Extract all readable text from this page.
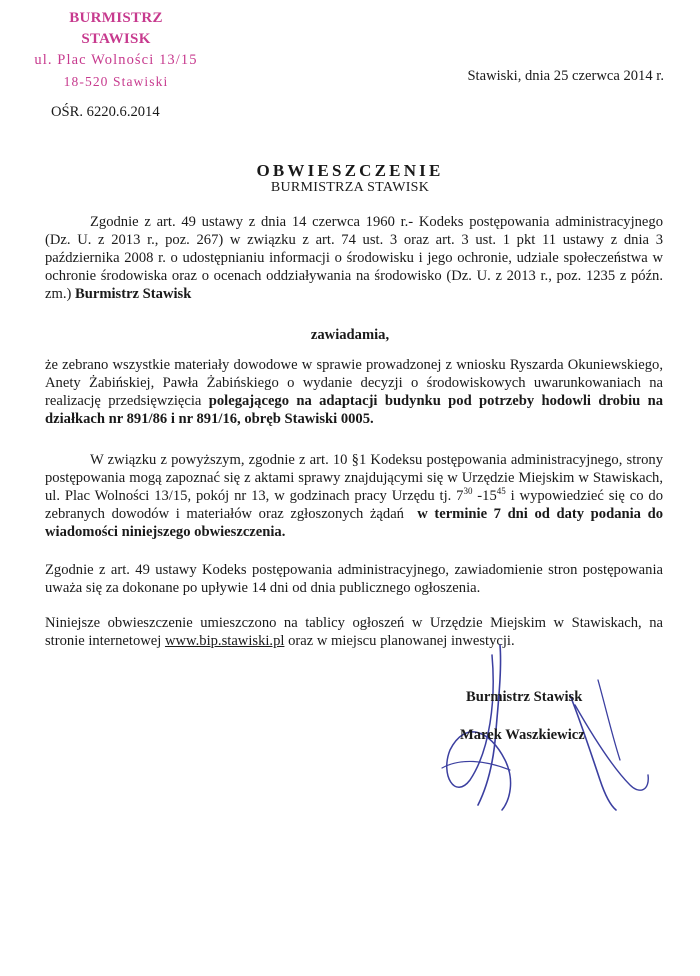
BURMISTRZ STAWISK
ul. Plac Wolności 13/15
18-520 Stawiski	Stawiski, dnia 25 czerwca 2014 r.
OŚR. 6220.6.2014
OBWIESZCZENIE
BURMISTRZA STAWISK
Zgodnie z art. 49 ustawy z dnia 14 czerwca 1960 r.- Kodeks postępowania administracyjnego (Dz. U. z 2013 r., poz. 267) w związku z art. 74 ust. 3 oraz art. 3 ust. 1 pkt 11 ustawy z dnia 3 października 2008 r. o udostępnianiu informacji o środowisku i jego ochronie, udziale społeczeństwa w ochronie środowiska oraz o ocenach oddziaływania na środowisko (Dz. U. z 2013 r., poz. 1235 z późn. zm.) Burmistrz Stawisk
zawiadamia,
że zebrano wszystkie materiały dowodowe w sprawie prowadzonej z wniosku Ryszarda Okuniewskiego, Anety Żabińskiej, Pawła Żabińskiego o wydanie decyzji o środowiskowych uwarunkowaniach na realizację przedsięwzięcia polegającego na adaptacji budynku pod potrzeby hodowli drobiu na działkach nr 891/86 i nr 891/16, obręb Stawiski 0005.
W związku z powyższym, zgodnie z art. 10 §1 Kodeksu postępowania administracyjnego, strony postępowania mogą zapoznać się z aktami sprawy znajdującymi się w Urzędzie Miejskim w Stawiskach, ul. Plac Wolności 13/15, pokój nr 13, w godzinach pracy Urzędu tj. $7^{30}$ $-15^{45}$ i wypowiedzieć się co do zebranych dowodów i materiałów oraz zgłoszonych żądań w terminie 7 dni od daty podania do wiadomości niniejszego obwieszczenia.
Zgodnie z art. 49 ustawy Kodeks postępowania administracyjnego, zawiadomienie stron postępowania uważa się za dokonane po upływie 14 dni od dnia publicznego ogłoszenia.
Niniejsze obwieszczenie umieszczono na tablicy ogłoszeń w Urzędzie Miejskim w Stawiskach, na stronie internetowej www.bip.stawiski.pl oraz w miejscu planowanej inwestycji.
Burmistrz Stawisk
Marek Waszkiewicz
